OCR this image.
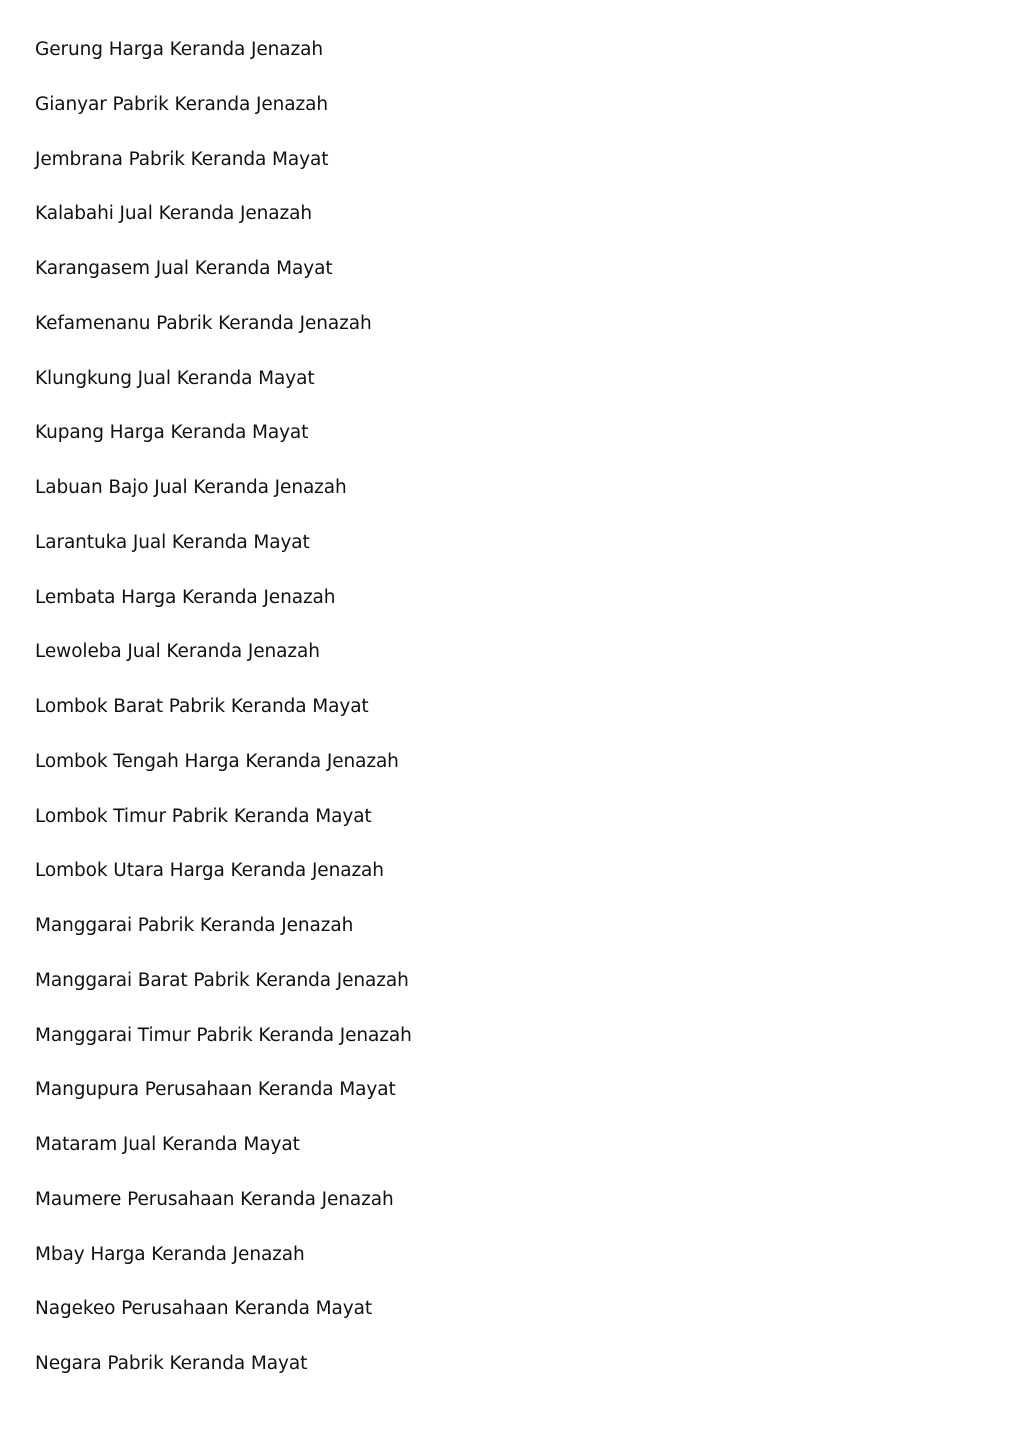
Gerung Harga Keranda Jenazah
Gianyar Pabrik Keranda Jenazah
Jembrana Pabrik Keranda Mayat
Kalabahi Jual Keranda Jenazah
Karangasem Jual Keranda Mayat
Kefamenanu Pabrik Keranda Jenazah
Klungkung Jual Keranda Mayat
Kupang Harga Keranda Mayat
Labuan Bajo Jual Keranda Jenazah
Larantuka Jual Keranda Mayat
Lembata Harga Keranda Jenazah
Lewoleba Jual Keranda Jenazah
Lombok Barat Pabrik Keranda Mayat
Lombok Tengah Harga Keranda Jenazah
Lombok Timur Pabrik Keranda Mayat
Lombok Utara Harga Keranda Jenazah
Manggarai Pabrik Keranda Jenazah
Manggarai Barat Pabrik Keranda Jenazah
Manggarai Timur Pabrik Keranda Jenazah
Mangupura Perusahaan Keranda Mayat
Mataram Jual Keranda Mayat
Maumere Perusahaan Keranda Jenazah
Mbay Harga Keranda Jenazah
Nagekeo Perusahaan Keranda Mayat
Negara Pabrik Keranda Mayat
